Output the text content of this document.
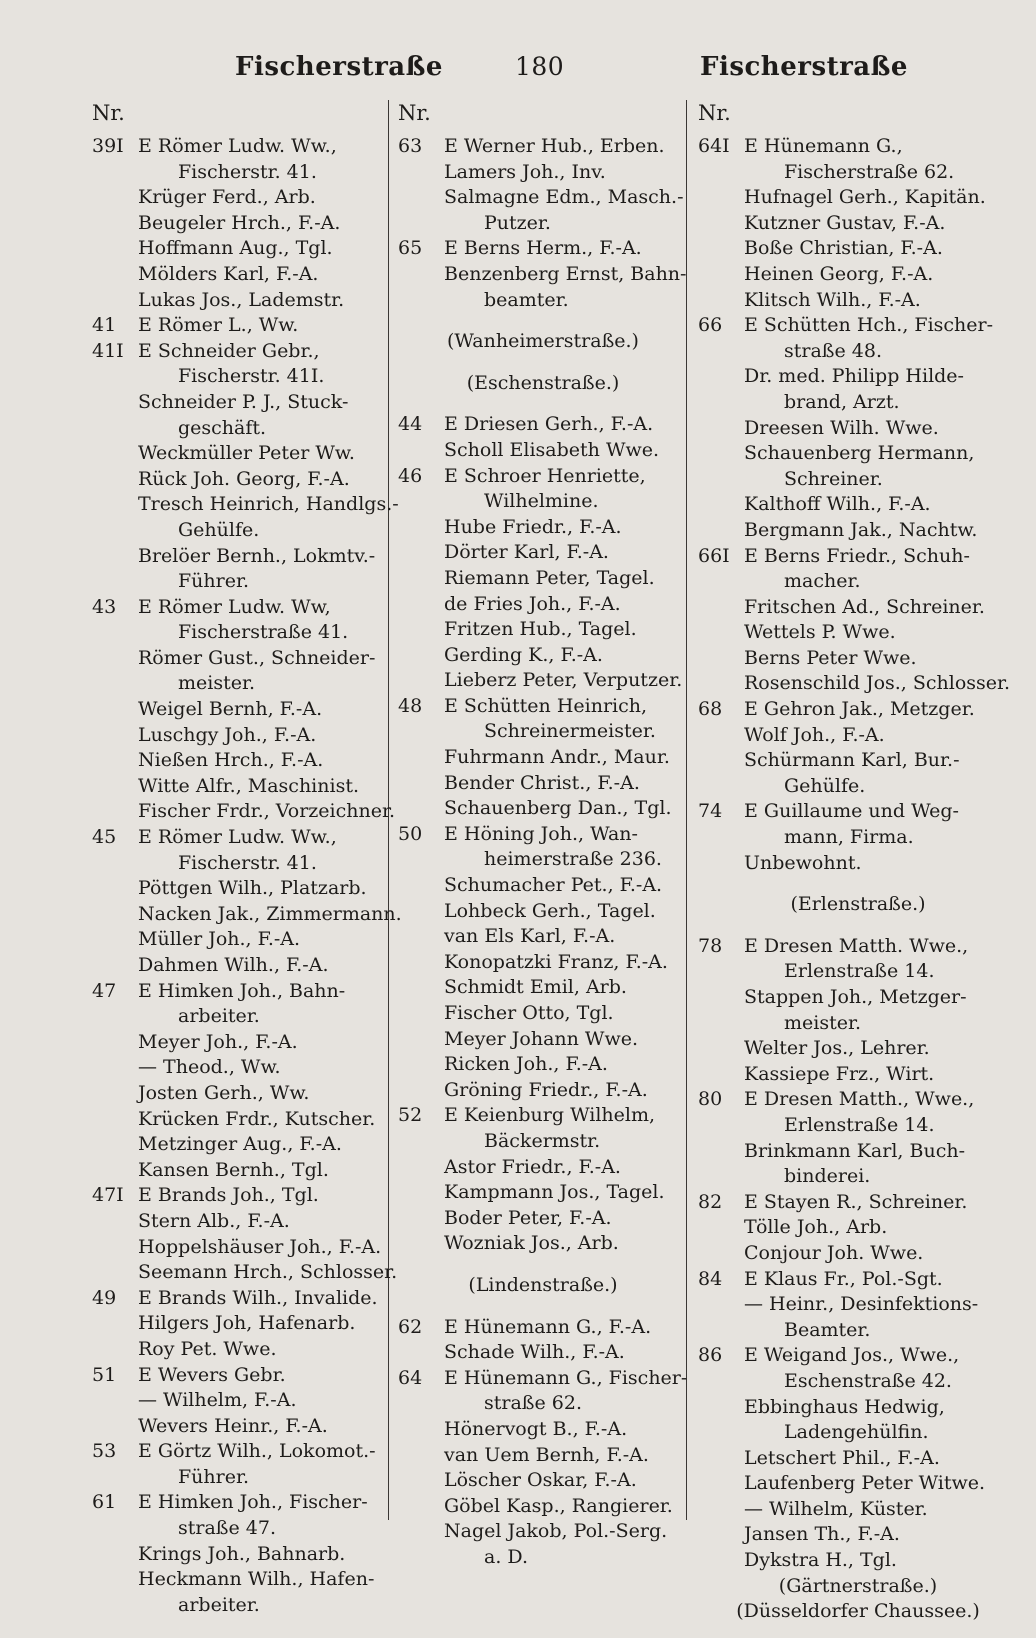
Fischerstraße	180	Fischerstraße
Nr.
39I E Römer Ludw. Ww.,
Fischerstr. 41.
Krüger Ferd., Arb.
Beugeler Hrch., F.-A.
Hoffmann Aug., Tgl.
Mölders Karl, F.-A.
Lukas Jos., Lademstr.
41 E Römer L., Ww.
41I E Schneider Gebr.,
Fischerstr. 41I.
Schneider P. J., Stuck-
geschäft.
Weckmüller Peter Ww.
Rück Joh. Georg, F.-A.
Tresch Heinrich, Handlgs.-
Gehülfe.
Brelöer Bernh., Lokmtv.-
Führer.
43 E Römer Ludw. Ww,
Fischerstraße 41.
Römer Gust., Schneider-
meister.
Weigel Bernh, F.-A.
Luschgy Joh., F.-A.
Nießen Hrch., F.-A.
Witte Alfr., Maschinist.
Fischer Frdr., Vorzeichner.
45 E Römer Ludw. Ww.,
Fischerstr. 41.
Pöttgen Wilh., Platzarb.
Nacken Jak., Zimmermann.
Müller Joh., F.-A.
Dahmen Wilh., F.-A.
47 E Himken Joh., Bahn-
arbeiter.
Meyer Joh., F.-A.
— Theod., Ww.
Josten Gerh., Ww.
Krücken Frdr., Kutscher.
Metzinger Aug., F.-A.
Kansen Bernh., Tgl.
47I E Brands Joh., Tgl.
Stern Alb., F.-A.
Hoppelshäuser Joh., F.-A.
Seemann Hrch., Schlosser.
49 E Brands Wilh., Invalide.
Hilgers Joh, Hafenarb.
Roy Pet. Wwe.
51 E Wevers Gebr.
— Wilhelm, F.-A.
Wevers Heinr., F.-A.
53 E Görtz Wilh., Lokomot.-
Führer.
61 E Himken Joh., Fischer-
straße 47.
Krings Joh., Bahnarb.
Heckmann Wilh., Hafen-
arbeiter.
Nr.
63 E Werner Hub., Erben.
Lamers Joh., Inv.
Salmagne Edm., Masch.-
Putzer.
65 E Berns Herm., F.-A.
Benzenberg Ernst, Bahn-
beamter.
(Wanheimerstraße.)
(Eschenstraße.)
44 E Driesen Gerh., F.-A.
Scholl Elisabeth Wwe.
46 E Schroer Henriette,
Wilhelmine.
Hube Friedr., F.-A.
Dörter Karl, F.-A.
Riemann Peter, Tagel.
de Fries Joh., F.-A.
Fritzen Hub., Tagel.
Gerding K., F.-A.
Lieberz Peter, Verputzer.
48 E Schütten Heinrich,
Schreinermeister.
Fuhrmann Andr., Maur.
Bender Christ., F.-A.
Schauenberg Dan., Tgl.
50 E Höning Joh., Wan-
heimerstraße 236.
Schumacher Pet., F.-A.
Lohbeck Gerh., Tagel.
van Els Karl, F.-A.
Konopatzki Franz, F.-A.
Schmidt Emil, Arb.
Fischer Otto, Tgl.
Meyer Johann Wwe.
Ricken Joh., F.-A.
Gröning Friedr., F.-A.
52 E Keienburg Wilhelm,
Bäckermstr.
Astor Friedr., F.-A.
Kampmann Jos., Tagel.
Boder Peter, F.-A.
Wozniak Jos., Arb.
(Lindenstraße.)
62 E Hünemann G., F.-A.
Schade Wilh., F.-A.
64 E Hünemann G., Fischer-
straße 62.
Hönervogt B., F.-A.
van Uem Bernh, F.-A.
Löscher Oskar, F.-A.
Göbel Kasp., Rangierer.
Nagel Jakob, Pol.-Serg.
a. D.
Nr.
64I E Hünemann G.,
Fischerstraße 62.
Hufnagel Gerh., Kapitän.
Kutzner Gustav, F.-A.
Boße Christian, F.-A.
Heinen Georg, F.-A.
Klitsch Wilh., F.-A.
66 E Schütten Hch., Fischer-
straße 48.
Dr. med. Philipp Hilde-
brand, Arzt.
Dreesen Wilh. Wwe.
Schauenberg Hermann,
Schreiner.
Kalthoff Wilh., F.-A.
Bergmann Jak., Nachtw.
66I E Berns Friedr., Schuh-
macher.
Fritschen Ad., Schreiner.
Wettels P. Wwe.
Berns Peter Wwe.
Rosenschild Jos., Schlosser.
68 E Gehron Jak., Metzger.
Wolf Joh., F.-A.
Schürmann Karl, Bur.-
Gehülfe.
74 E Guillaume und Weg-
mann, Firma.
Unbewohnt.
(Erlenstraße.)
78 E Dresen Matth. Wwe.,
Erlenstraße 14.
Stappen Joh., Metzger-
meister.
Welter Jos., Lehrer.
Kassiepe Frz., Wirt.
80 E Dresen Matth., Wwe.,
Erlenstraße 14.
Brinkmann Karl, Buch-
binderei.
82 E Stayen R., Schreiner.
Tölle Joh., Arb.
Conjour Joh. Wwe.
84 E Klaus Fr., Pol.-Sgt.
— Heinr., Desinfektions-
Beamter.
86 E Weigand Jos., Wwe.,
Eschenstraße 42.
Ebbinghaus Hedwig,
Ladengehülfin.
Letschert Phil., F.-A.
Laufenberg Peter Witwe.
— Wilhelm, Küster.
Jansen Th., F.-A.
Dykstra H., Tgl.
(Gärtnerstraße.)
(Düsseldorfer Chaussee.)
